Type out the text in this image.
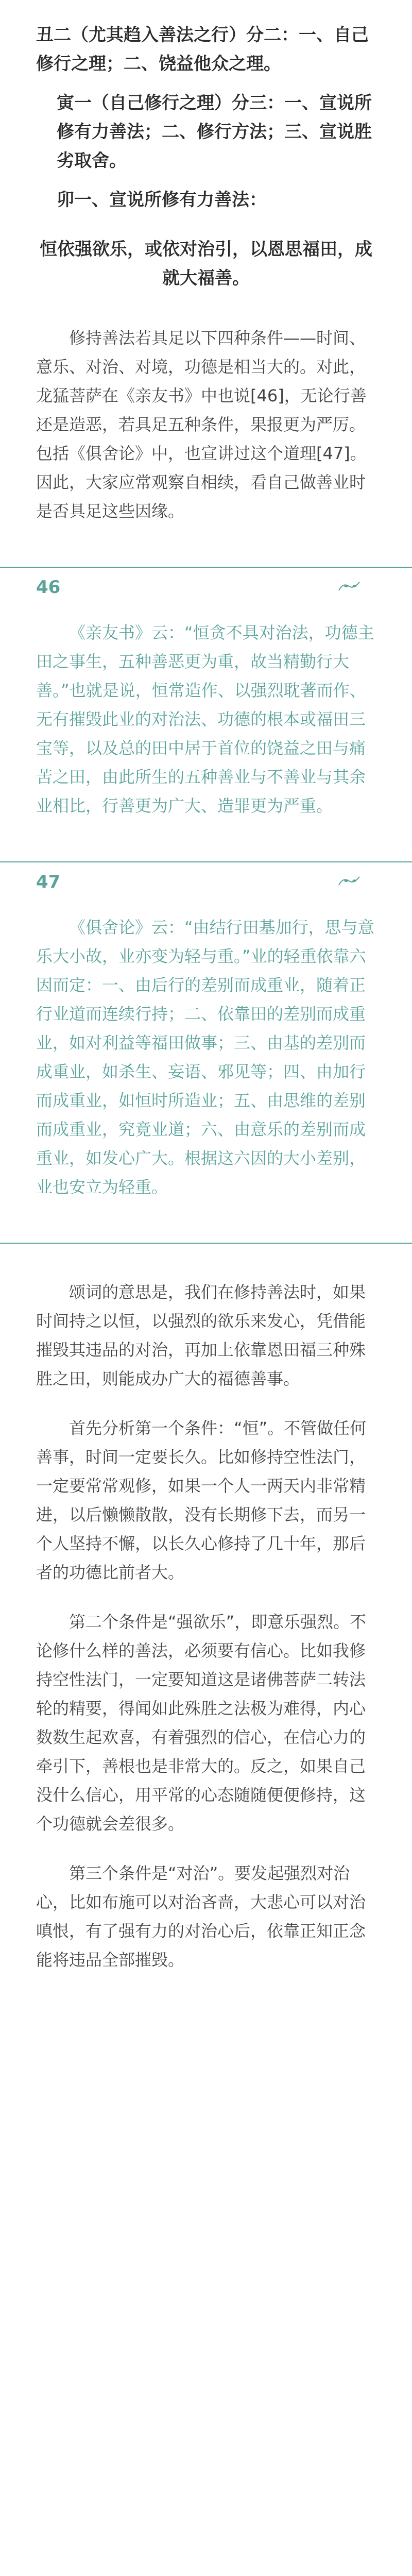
丑二（尤其趋入善法之行）分二：一、自己修行之理；二、饶益他众之理。
寅一（自己修行之理）分三：一、宣说所修有力善法；二、修行方法；三、宣说胜劣取舍。
卯一、宣说所修有力善法：
恒依强欲乐，或依对治引，以恩思福田，成就大福善。

修持善法若具足以下四种条件——时间、意乐、对治、对境，功德是相当大的。对此，龙猛菩萨在《亲友书》中也说[46]，无论行善还是造恶，若具足五种条件，果报更为严厉。包括《俱舍论》中，也宣讲过这个道理[47]。因此，大家应常观察自相续，看自己做善业时是否具足这些因缘。

46

《亲友书》云：“恒贪不具对治法，功德主田之事生，五种善恶更为重，故当精勤行大善。”也就是说，恒常造作、以强烈耽著而作、无有摧毁此业的对治法、功德的根本或福田三宝等，以及总的田中居于首位的饶益之田与痛苦之田，由此所生的五种善业与不善业与其余业相比，行善更为广大、造罪更为严重。

47

《俱舍论》云：“由结行田基加行，思与意乐大小故，业亦变为轻与重。”业的轻重依靠六因而定：一、由后行的差别而成重业，随着正行业道而连续行持；二、依靠田的差别而成重业，如对利益等福田做事；三、由基的差别而成重业，如杀生、妄语、邪见等；四、由加行而成重业，如恒时所造业；五、由思维的差别而成重业，究竟业道；六、由意乐的差别而成重业，如发心广大。根据这六因的大小差别，业也安立为轻重。

颂词的意思是，我们在修持善法时，如果时间持之以恒，以强烈的欲乐来发心，凭借能摧毁其违品的对治，再加上依靠恩田福三种殊胜之田，则能成办广大的福德善事。

首先分析第一个条件：“恒”。不管做任何善事，时间一定要长久。比如修持空性法门，一定要常常观修，如果一个人一两天内非常精进，以后懒懒散散，没有长期修下去，而另一个人坚持不懈，以长久心修持了几十年，那后者的功德比前者大。

第二个条件是“强欲乐”，即意乐强烈。不论修什么样的善法，必须要有信心。比如我修持空性法门，一定要知道这是诸佛菩萨二转法轮的精要，得闻如此殊胜之法极为难得，内心数数生起欢喜，有着强烈的信心，在信心力的牵引下，善根也是非常大的。反之，如果自己没什么信心，用平常的心态随随便便修持，这个功德就会差很多。

第三个条件是“对治”。要发起强烈对治心，比如布施可以对治吝啬，大悲心可以对治嗔恨，有了强有力的对治心后，依靠正知正念能将违品全部摧毁。
